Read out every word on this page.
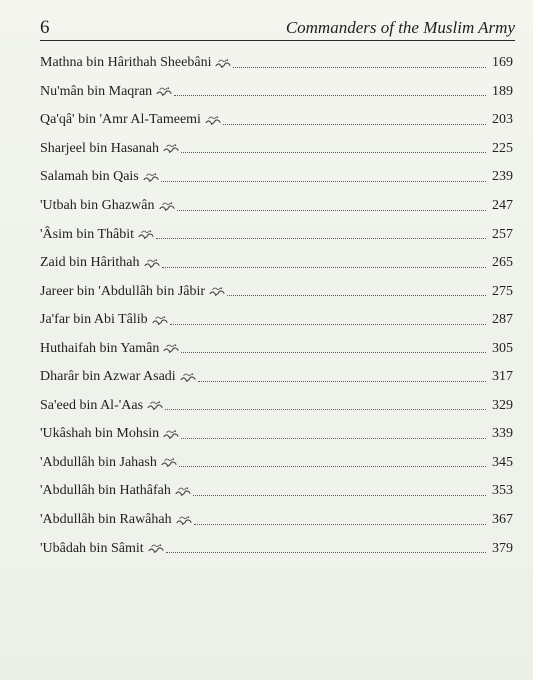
6	Commanders of the Muslim Army
Mathna bin Hârithah Sheebâni	169
Nu'mân bin Maqran	189
Qa'qâ' bin 'Amr Al-Tameemi	203
Sharjeel bin Hasanah	225
Salamah bin Qais	239
'Utbah bin Ghazwân	247
'Âsim bin Thâbit	257
Zaid bin Hârithah	265
Jareer bin 'Abdullâh bin Jâbir	275
Ja'far bin Abi Tâlib	287
Huthaifah bin Yamân	305
Dharâr bin Azwar Asadi	317
Sa'eed bin Al-'Aas	329
'Ukâshah bin Mohsin	339
'Abdullâh bin Jahash	345
'Abdullâh bin Hathâfah	353
'Abdullâh bin Rawâhah	367
'Ubâdah bin Sâmit	379
